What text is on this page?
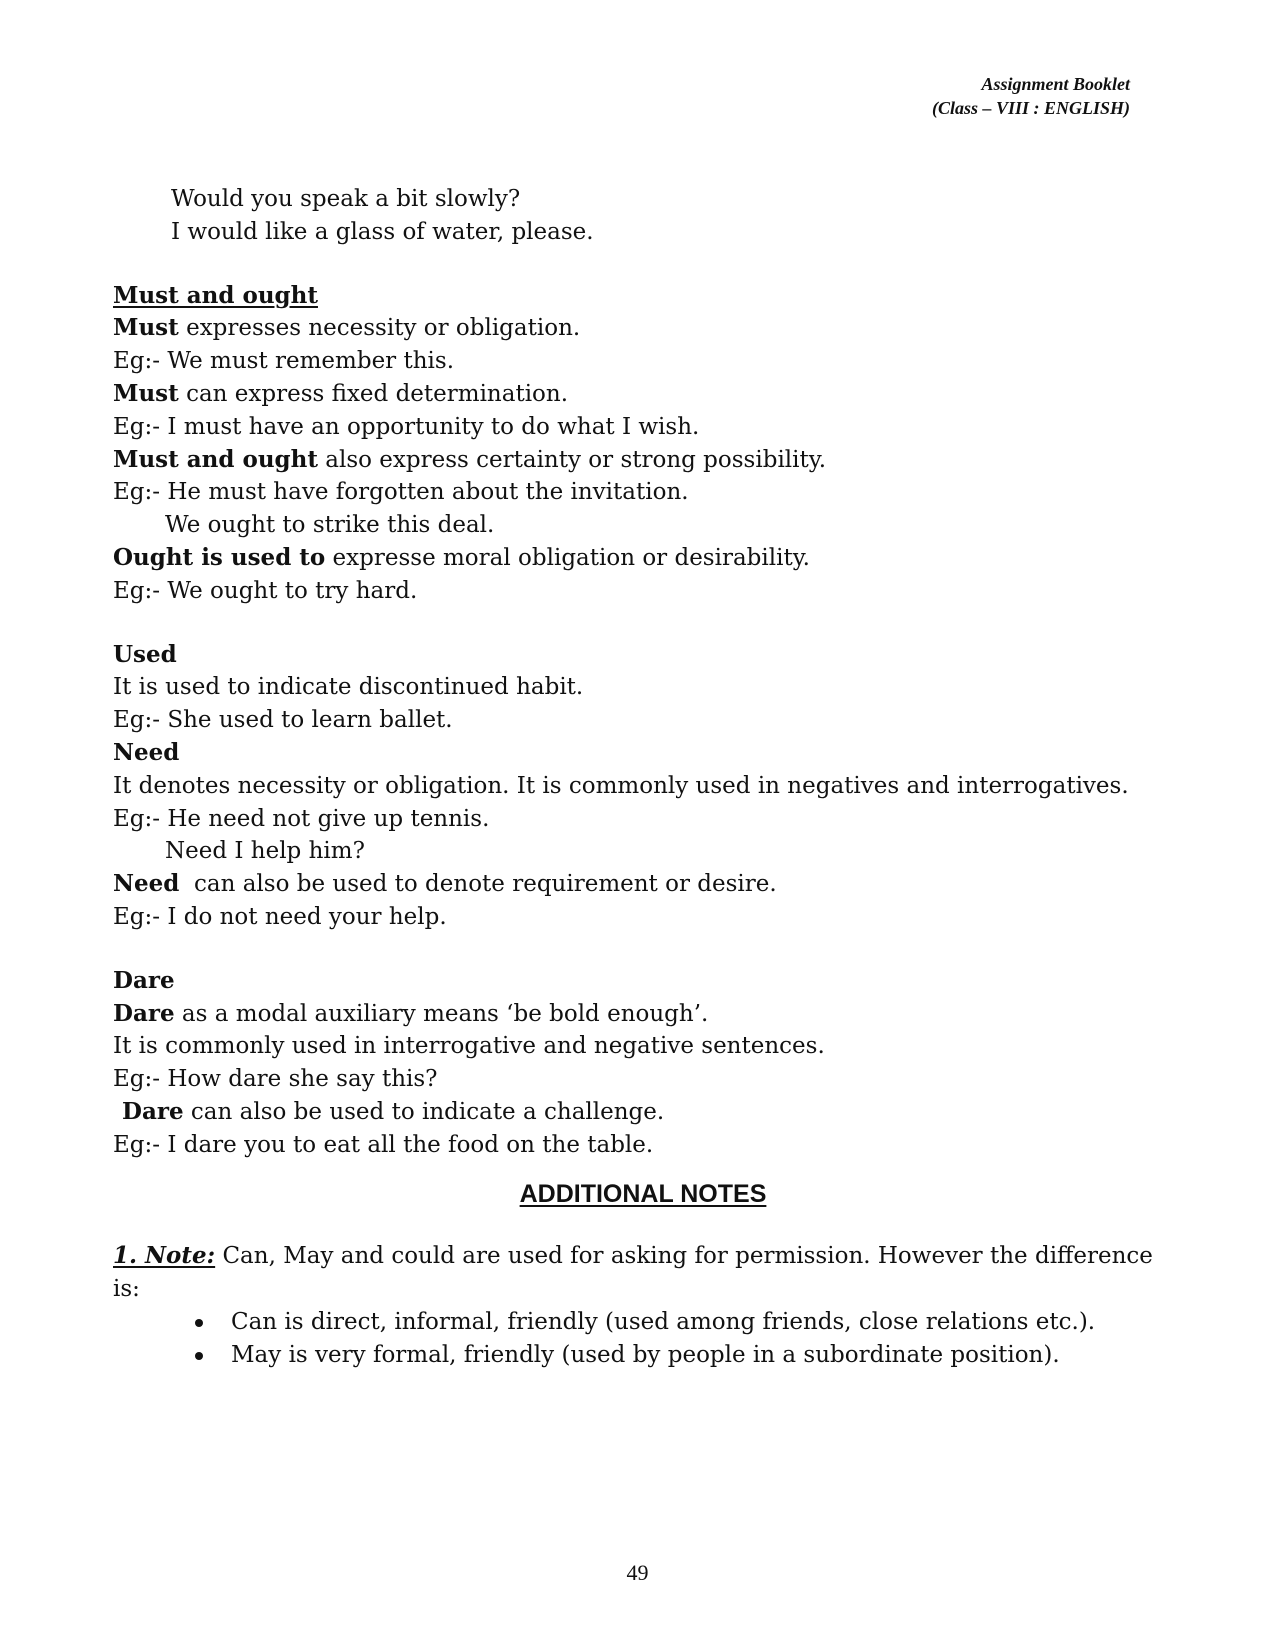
Assignment Booklet
(Class – VIII : ENGLISH)
Would you speak a bit slowly?
I would like a glass of water, please.
Must and ought
Must expresses necessity or obligation.
Eg:- We must remember this.
Must can express fixed determination.
Eg:- I must have an opportunity to do what I wish.
Must and ought also express certainty or strong possibility.
Eg:- He must have forgotten about the invitation.
We ought to strike this deal.
Ought is used to expresse moral obligation or desirability.
Eg:- We ought to try hard.
Used
It is used to indicate discontinued habit.
Eg:- She used to learn ballet.
Need
It denotes necessity or obligation. It is commonly used in negatives and interrogatives.
Eg:- He need not give up tennis.
Need I help him?
Need  can also be used to denote requirement or desire.
Eg:- I do not need your help.
Dare
Dare as a modal auxiliary means ‘be bold enough’.
It is commonly used in interrogative and negative sentences.
Eg:- How dare she say this?
Dare can also be used to indicate a challenge.
Eg:- I dare you to eat all the food on the table.
ADDITIONAL NOTES
1. Note: Can, May and could are used for asking for permission. However the difference is:
Can is direct, informal, friendly (used among friends, close relations etc.).
May is very formal, friendly (used by people in a subordinate position).
49
